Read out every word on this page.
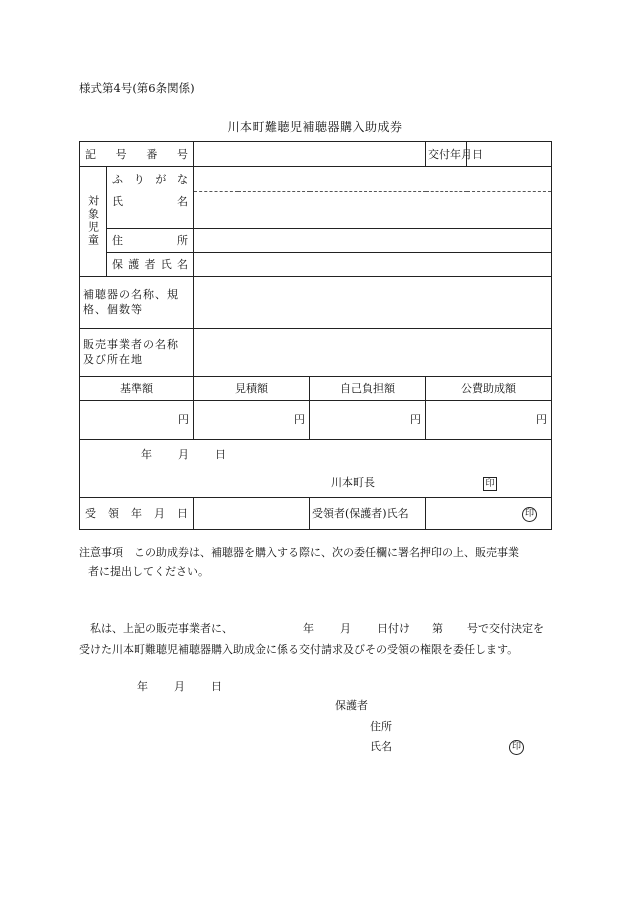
様式第4号(第6条関係)
川本町難聴児補聴器購入助成券
記 号 番 号				交 付 年 月 日	

対象児童	ふ り が な				

	氏 名				

	住 所				

	保 護 者 氏 名				

補聴器の名称、規格、個数等					
販売事業者の名称及び所在地					
基準額		見積額	自己負担額	公費助成額	
円		円	円	円	
年 月 日					
川本町長 印					

受 領 年 月 日			受領者(保護者)氏名	印	
注意事項 この助成券は、補聴器を購入する際に、次の委任欄に署名押印の上、販売事業
者に提出してください。
私は、上記の販売事業者に、	年 月 日付け 第 号で交付決定を
受けた川本町難聴児補聴器購入助成金に係る交付請求及びその受領の権限を委任します。
年 月 日
保護者
住所
氏名	印
